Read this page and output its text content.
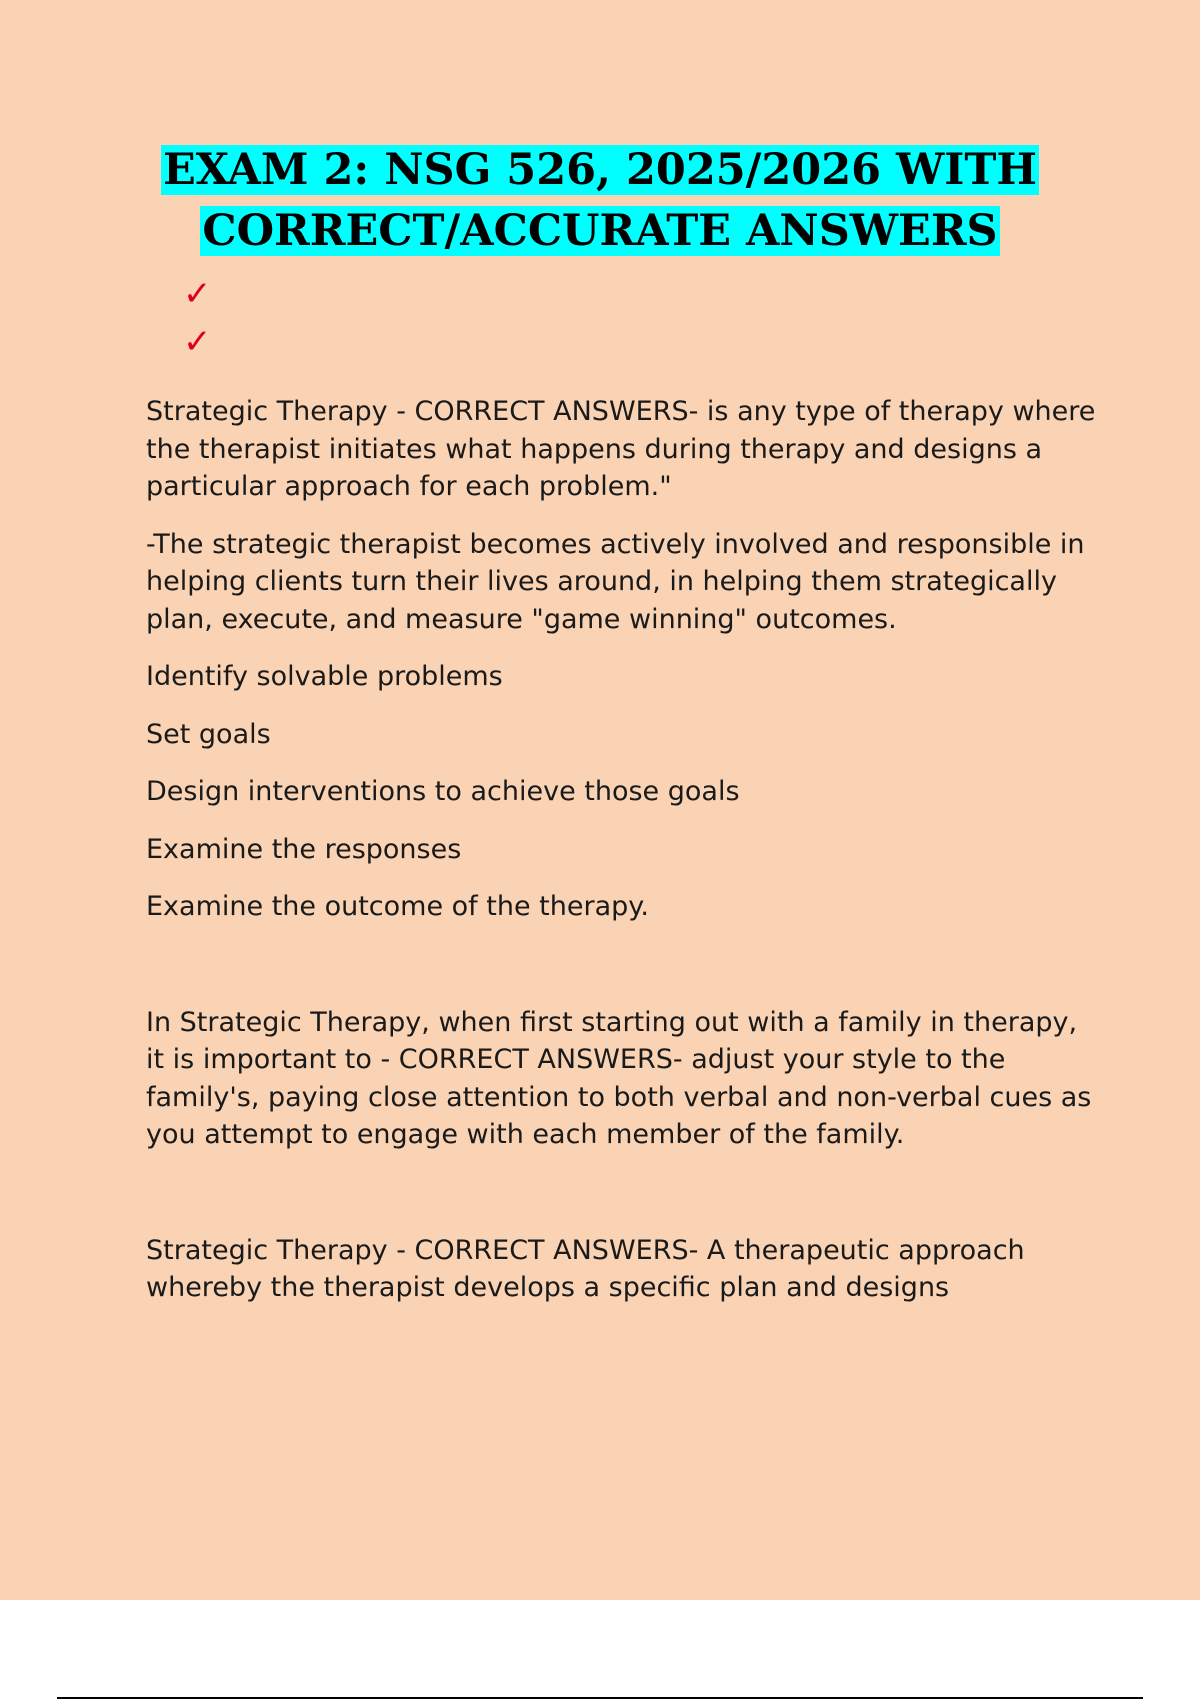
EXAM 2: NSG 526, 2025/2026 WITH
CORRECT/ACCURATE ANSWERS
✓
✓

Strategic Therapy - CORRECT ANSWERS- is any type of therapy where the therapist initiates what happens during therapy and designs a particular approach for each problem."

-The strategic therapist becomes actively involved and responsible in helping clients turn their lives around, in helping them strategically plan, execute, and measure "game winning" outcomes.

Identify solvable problems

Set goals

Design interventions to achieve those goals

Examine the responses

Examine the outcome of the therapy.

In Strategic Therapy, when first starting out with a family in therapy, it is important to - CORRECT ANSWERS- adjust your style to the family's, paying close attention to both verbal and non-verbal cues as you attempt to engage with each member of the family.

Strategic Therapy - CORRECT ANSWERS- A therapeutic approach whereby the therapist develops a specific plan and designs
